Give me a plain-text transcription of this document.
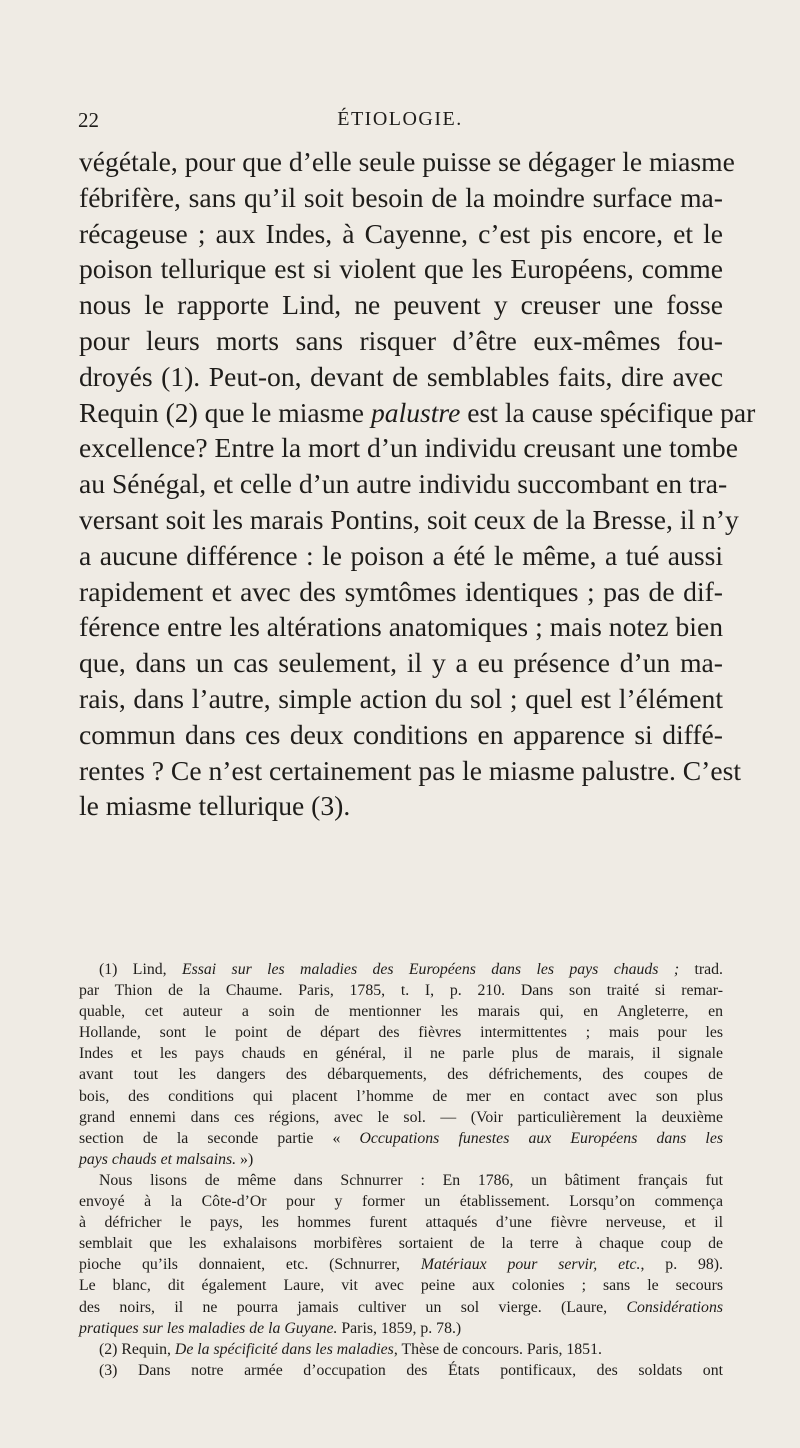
22	ÉTIOLOGIE.
végétale, pour que d’elle seule puisse se dégager le miasme
fébrifère, sans qu’il soit besoin de la moindre surface ma-
récageuse ; aux Indes, à Cayenne, c’est pis encore, et le
poison tellurique est si violent que les Européens, comme
nous le rapporte Lind, ne peuvent y creuser une fosse
pour leurs morts sans risquer d’être eux-mêmes fou-
droyés (1). Peut-on, devant de semblables faits, dire avec
Requin (2) que le miasme palustre est la cause spécifique par
excellence? Entre la mort d’un individu creusant une tombe
au Sénégal, et celle d’un autre individu succombant en tra-
versant soit les marais Pontins, soit ceux de la Bresse, il n’y
a aucune différence : le poison a été le même, a tué aussi
rapidement et avec des symtômes identiques ; pas de dif-
férence entre les altérations anatomiques ; mais notez bien
que, dans un cas seulement, il y a eu présence d’un ma-
rais, dans l’autre, simple action du sol ; quel est l’élément
commun dans ces deux conditions en apparence si diffé-
rentes ? Ce n’est certainement pas le miasme palustre. C’est
le miasme tellurique (3).
(1) Lind, Essai sur les maladies des Européens dans les pays chauds ; trad.
par Thion de la Chaume. Paris, 1785, t. I, p. 210. Dans son traité si remar-
quable, cet auteur a soin de mentionner les marais qui, en Angleterre, en
Hollande, sont le point de départ des fièvres intermittentes ; mais pour les
Indes et les pays chauds en général, il ne parle plus de marais, il signale
avant tout les dangers des débarquements, des défrichements, des coupes de
bois, des conditions qui placent l’homme de mer en contact avec son plus
grand ennemi dans ces régions, avec le sol. — (Voir particulièrement la deuxième
section de la seconde partie « Occupations funestes aux Européens dans les
pays chauds et malsains. »)
Nous lisons de même dans Schnurrer : En 1786, un bâtiment français fut
envoyé à la Côte-d’Or pour y former un établissement. Lorsqu’on commença
à défricher le pays, les hommes furent attaqués d’une fièvre nerveuse, et il
semblait que les exhalaisons morbifères sortaient de la terre à chaque coup de
pioche qu’ils donnaient, etc. (Schnurrer, Matériaux pour servir, etc., p. 98).
Le blanc, dit également Laure, vit avec peine aux colonies ; sans le secours
des noirs, il ne pourra jamais cultiver un sol vierge. (Laure, Considérations
pratiques sur les maladies de la Guyane. Paris, 1859, p. 78.)
(2) Requin, De la spécificité dans les maladies, Thèse de concours. Paris, 1851.
(3) Dans notre armée d’occupation des États pontificaux, des soldats ont
